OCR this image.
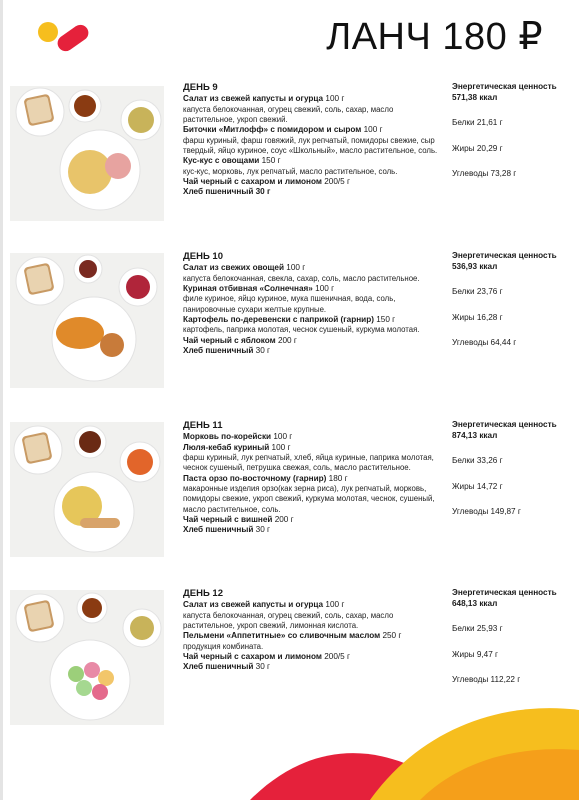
ЛАНЧ 180 ₽
ДЕНЬ 9
Салат из свежей капусты и огурца 100 г
капуста белокочанная, огурец свежий, соль, сахар, масло растительное, укроп свежий.
Биточки «Митлофф» с помидором и сыром 100 г
фарш куриный, фарш говяжий, лук репчатый, помидоры свежие, сыр твердый, яйцо куриное, соус «Школьный», масло растительное, соль.
Кус-кус с овощами 150 г
кус-кус, морковь, лук репчатый, масло растительное, соль.
Чай черный с сахаром и лимоном 200/5 г
Хлеб пшеничный 30 г
Энергетическая ценность
571,38 ккал
Белки 21,61 г
Жиры 20,29 г
Углеводы 73,28 г
ДЕНЬ 10
Салат из свежих овощей 100 г
капуста белокочанная, свекла, сахар, соль, масло растительное.
Куриная отбивная «Солнечная» 100 г
филе куриное, яйцо куриное, мука пшеничная, вода, соль, панировочные сухари желтые крупные.
Картофель по-деревенски с паприкой (гарнир) 150 г
картофель, паприка молотая, чеснок сушеный, куркума молотая.
Чай черный с яблоком 200 г
Хлеб пшеничный 30 г
Энергетическая ценность
536,93 ккал
Белки 23,76 г
Жиры 16,28 г
Углеводы 64,44 г
ДЕНЬ 11
Морковь по-корейски 100 г
Люля-кебаб куриный 100 г
фарш куриный, лук репчатый, хлеб, яйца куриные, паприка молотая, чеснок сушеный, петрушка свежая, соль, масло растительное.
Паста орзо по-восточному (гарнир) 180 г
макаронные изделия орзо(как зерна риса), лук репчатый, морковь, помидоры свежие, укроп свежий, куркума молотая, чеснок, сушеный, масло растительное, соль.
Чай черный с вишней 200 г
Хлеб пшеничный 30 г
Энергетическая ценность
874,13 ккал
Белки 33,26 г
Жиры 14,72 г
Углеводы 149,87 г
ДЕНЬ 12
Салат из свежей капусты и огурца 100 г
капуста белокочанная, огурец свежий, соль, сахар, масло растительное, укроп свежий, лимонная кислота.
Пельмени «Аппетитные» со сливочным маслом 250 г
продукция комбината.
Чай черный с сахаром и лимоном 200/5 г
Хлеб пшеничный 30 г
Энергетическая ценность
648,13 ккал
Белки 25,93 г
Жиры 9,47 г
Углеводы 112,22 г
